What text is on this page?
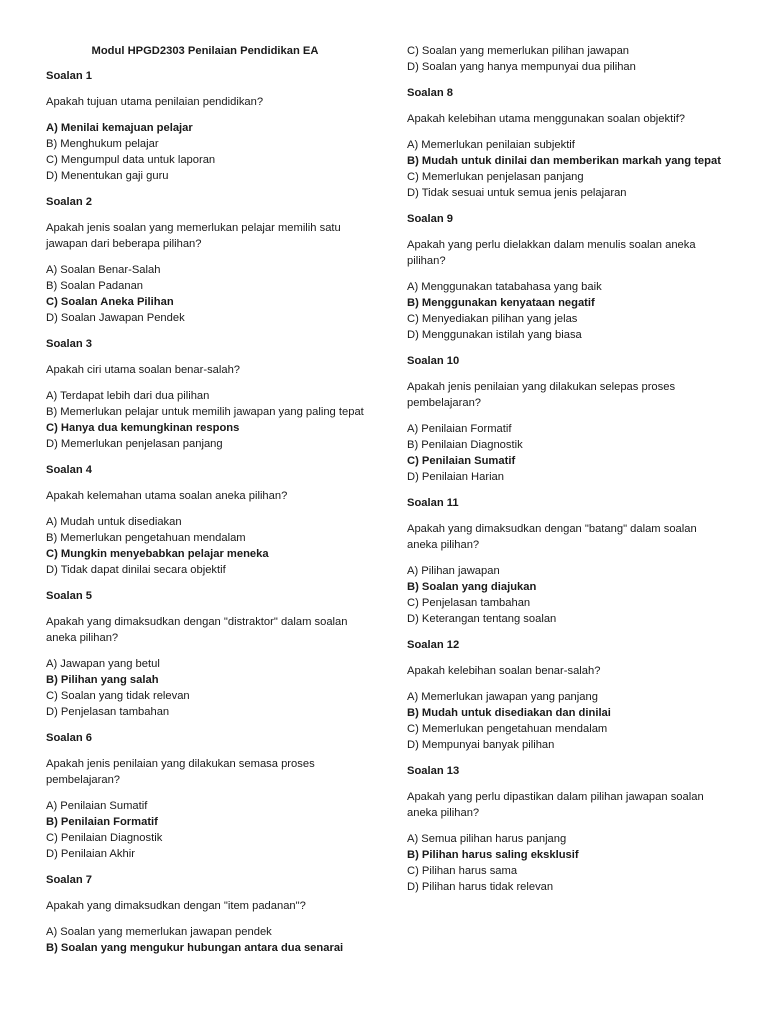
Modul HPGD2303 Penilaian Pendidikan EA
Soalan 1
Apakah tujuan utama penilaian pendidikan?
A) Menilai kemajuan pelajar
B) Menghukum pelajar
C) Mengumpul data untuk laporan
D) Menentukan gaji guru
Soalan 2
Apakah jenis soalan yang memerlukan pelajar memilih satu jawapan dari beberapa pilihan?
A) Soalan Benar-Salah
B) Soalan Padanan
C) Soalan Aneka Pilihan
D) Soalan Jawapan Pendek
Soalan 3
Apakah ciri utama soalan benar-salah?
A) Terdapat lebih dari dua pilihan
B) Memerlukan pelajar untuk memilih jawapan yang paling tepat
C) Hanya dua kemungkinan respons
D) Memerlukan penjelasan panjang
Soalan 4
Apakah kelemahan utama soalan aneka pilihan?
A) Mudah untuk disediakan
B) Memerlukan pengetahuan mendalam
C) Mungkin menyebabkan pelajar meneka
D) Tidak dapat dinilai secara objektif
Soalan 5
Apakah yang dimaksudkan dengan "distraktor" dalam soalan aneka pilihan?
A) Jawapan yang betul
B) Pilihan yang salah
C) Soalan yang tidak relevan
D) Penjelasan tambahan
Soalan 6
Apakah jenis penilaian yang dilakukan semasa proses pembelajaran?
A) Penilaian Sumatif
B) Penilaian Formatif
C) Penilaian Diagnostik
D) Penilaian Akhir
Soalan 7
Apakah yang dimaksudkan dengan "item padanan"?
A) Soalan yang memerlukan jawapan pendek
B) Soalan yang mengukur hubungan antara dua senarai
C) Soalan yang memerlukan pilihan jawapan
D) Soalan yang hanya mempunyai dua pilihan
Soalan 8
Apakah kelebihan utama menggunakan soalan objektif?
A) Memerlukan penilaian subjektif
B) Mudah untuk dinilai dan memberikan markah yang tepat
C) Memerlukan penjelasan panjang
D) Tidak sesuai untuk semua jenis pelajaran
Soalan 9
Apakah yang perlu dielakkan dalam menulis soalan aneka pilihan?
A) Menggunakan tatabahasa yang baik
B) Menggunakan kenyataan negatif
C) Menyediakan pilihan yang jelas
D) Menggunakan istilah yang biasa
Soalan 10
Apakah jenis penilaian yang dilakukan selepas proses pembelajaran?
A) Penilaian Formatif
B) Penilaian Diagnostik
C) Penilaian Sumatif
D) Penilaian Harian
Soalan 11
Apakah yang dimaksudkan dengan "batang" dalam soalan aneka pilihan?
A) Pilihan jawapan
B) Soalan yang diajukan
C) Penjelasan tambahan
D) Keterangan tentang soalan
Soalan 12
Apakah kelebihan soalan benar-salah?
A) Memerlukan jawapan yang panjang
B) Mudah untuk disediakan dan dinilai
C) Memerlukan pengetahuan mendalam
D) Mempunyai banyak pilihan
Soalan 13
Apakah yang perlu dipastikan dalam pilihan jawapan soalan aneka pilihan?
A) Semua pilihan harus panjang
B) Pilihan harus saling eksklusif
C) Pilihan harus sama
D) Pilihan harus tidak relevan
